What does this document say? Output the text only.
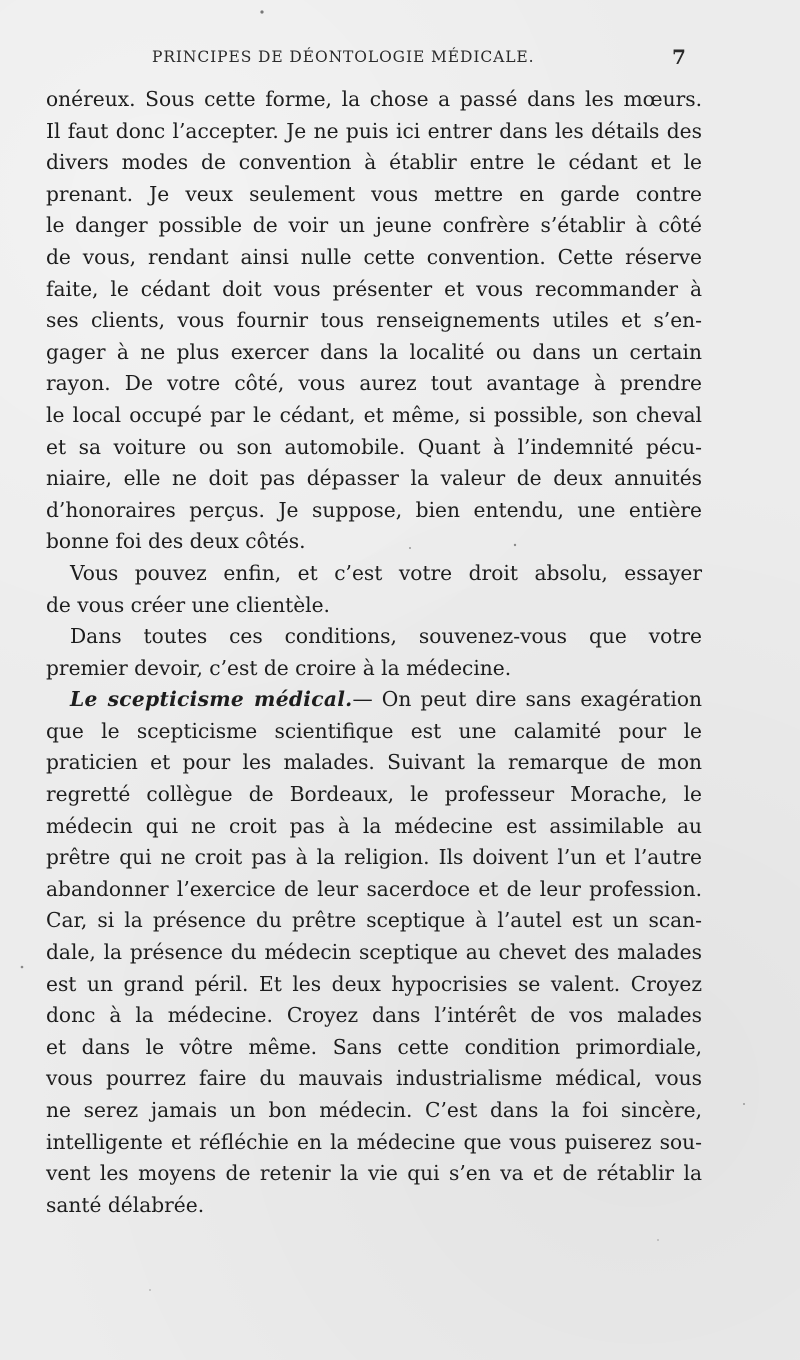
PRINCIPES DE DÉONTOLOGIE MÉDICALE.	7
onéreux. Sous cette forme, la chose a passé dans les mœurs.
Il faut donc l’accepter. Je ne puis ici entrer dans les détails des
divers modes de convention à établir entre le cédant et le
prenant. Je veux seulement vous mettre en garde contre
le danger possible de voir un jeune confrère s’établir à côté
de vous, rendant ainsi nulle cette convention. Cette réserve
faite, le cédant doit vous présenter et vous recommander à
ses clients, vous fournir tous renseignements utiles et s’en-
gager à ne plus exercer dans la localité ou dans un certain
rayon. De votre côté, vous aurez tout avantage à prendre
le local occupé par le cédant, et même, si possible, son cheval
et sa voiture ou son automobile. Quant à l’indemnité pécu-
niaire, elle ne doit pas dépasser la valeur de deux annuités
d’honoraires perçus. Je suppose, bien entendu, une entière
bonne foi des deux côtés.
Vous pouvez enfin, et c’est votre droit absolu, essayer
de vous créer une clientèle.
Dans toutes ces conditions, souvenez-vous que votre
premier devoir, c’est de croire à la médecine.
Le scepticisme médical.— On peut dire sans exagération
que le scepticisme scientifique est une calamité pour le
praticien et pour les malades. Suivant la remarque de mon
regretté collègue de Bordeaux, le professeur Morache, le
médecin qui ne croit pas à la médecine est assimilable au
prêtre qui ne croit pas à la religion. Ils doivent l’un et l’autre
abandonner l’exercice de leur sacerdoce et de leur profession.
Car, si la présence du prêtre sceptique à l’autel est un scan-
dale, la présence du médecin sceptique au chevet des malades
est un grand péril. Et les deux hypocrisies se valent. Croyez
donc à la médecine. Croyez dans l’intérêt de vos malades
et dans le vôtre même. Sans cette condition primordiale,
vous pourrez faire du mauvais industrialisme médical, vous
ne serez jamais un bon médecin. C’est dans la foi sincère,
intelligente et réfléchie en la médecine que vous puiserez sou-
vent les moyens de retenir la vie qui s’en va et de rétablir la
santé délabrée.
